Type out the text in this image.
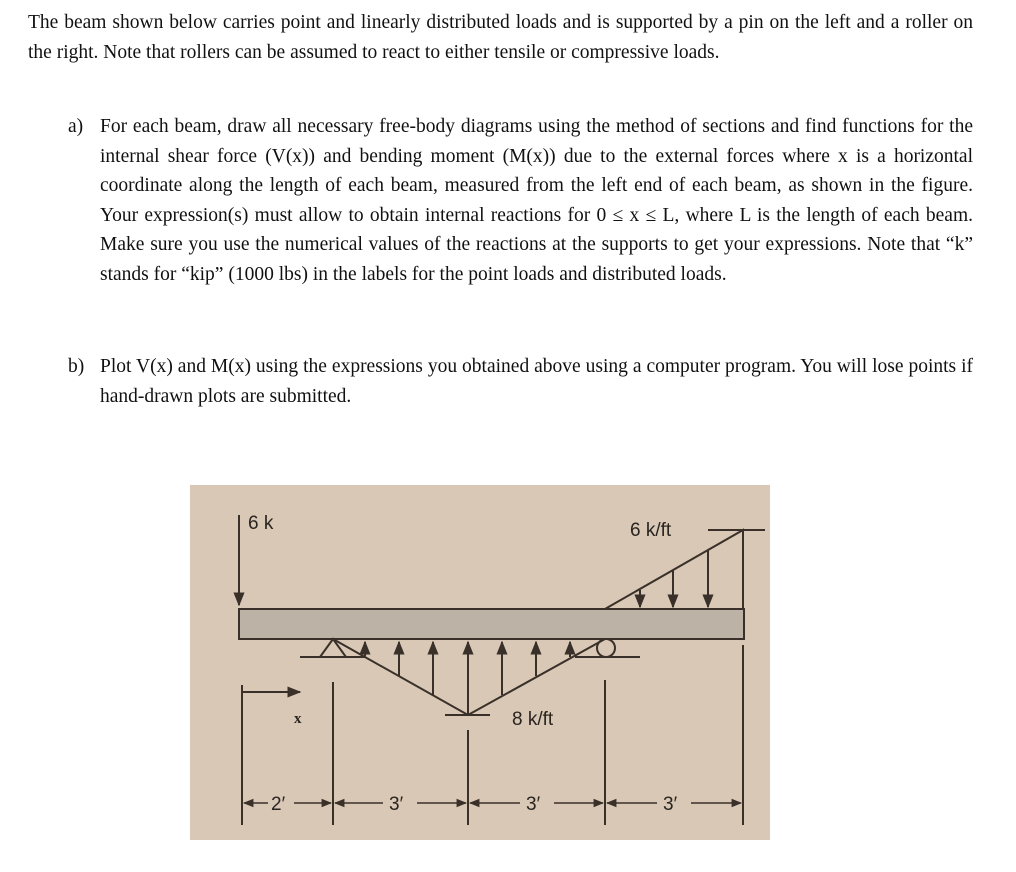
The beam shown below carries point and linearly distributed loads and is supported by a pin on the left and a roller on the right. Note that rollers can be assumed to react to either tensile or compressive loads.
a) For each beam, draw all necessary free-body diagrams using the method of sections and find functions for the internal shear force (V(x)) and bending moment (M(x)) due to the external forces where x is a horizontal coordinate along the length of each beam, measured from the left end of each beam, as shown in the figure. Your expression(s) must allow to obtain internal reactions for 0 ≤ x ≤ L, where L is the length of each beam. Make sure you use the numerical values of the reactions at the supports to get your expressions. Note that “k” stands for “kip” (1000 lbs) in the labels for the point loads and distributed loads.
b) Plot V(x) and M(x) using the expressions you obtained above using a computer program. You will lose points if hand-drawn plots are submitted.
6 k	6 k/ft
8 k/ft
x
2′	3′	3′	3′
